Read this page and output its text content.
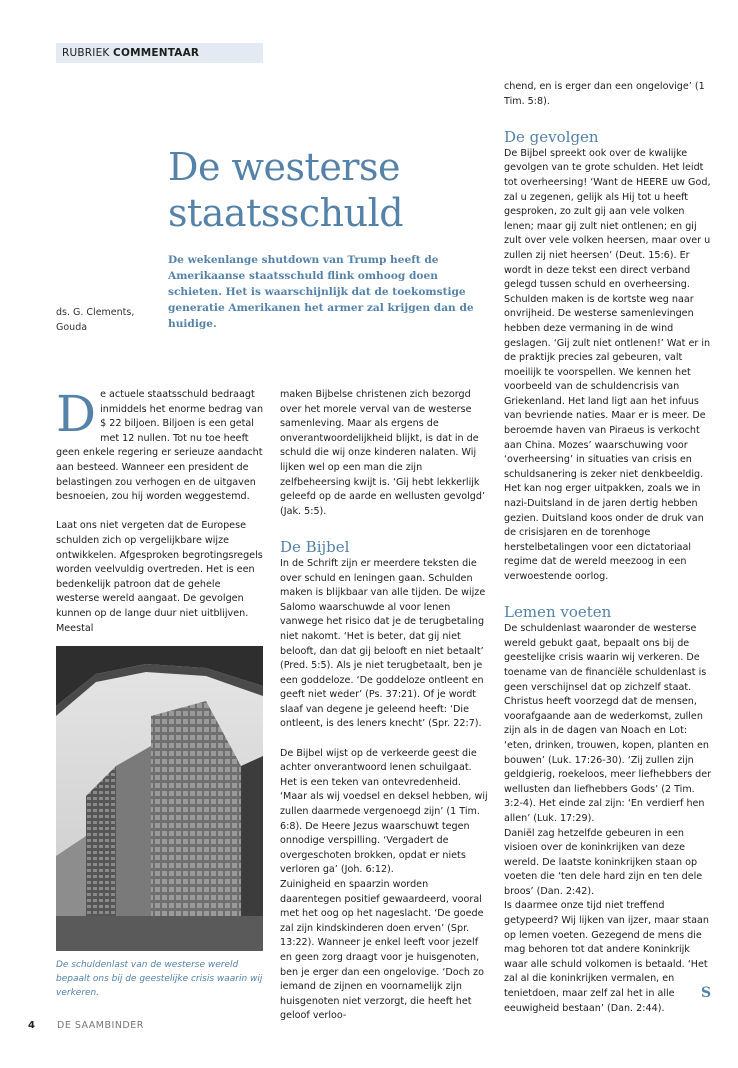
RUBRIEK COMMENTAAR
De westerse
staatsschuld
ds. G. Clements,
Gouda

De wekenlange shutdown van Trump heeft de Amerikaanse staatsschuld flink omhoog doen schieten. Het is waarschijnlijk dat de toekomstige generatie Amerikanen het armer zal krijgen dan de huidige.

D e actuele staatsschuld bedraagt inmiddels het enorme bedrag van $ 22 biljoen. Biljoen is een getal met 12 nullen. Tot nu toe heeft geen enkele regering er serieuze aandacht aan besteed. Wanneer een president de belastingen zou verhogen en de uitgaven besnoeien, zou hij worden weggestemd.

Laat ons niet vergeten dat de Europese schulden zich op vergelijkbare wijze ontwikkelen. Afgesproken begrotingsregels worden veelvuldig overtreden. Het is een bedenkelijk patroon dat de gehele westerse wereld aangaat. De gevolgen kunnen op de lange duur niet uitblijven. Meestal

De schuldenlast van de westerse wereld bepaalt ons bij de geestelijke crisis waarin wij verkeren.

maken Bijbelse christenen zich bezorgd over het morele verval van de westerse samenleving. Maar als ergens de onverantwoordelijkheid blijkt, is dat in de schuld die wij onze kinderen nalaten. Wij lijken wel op een man die zijn zelfbeheersing kwijt is. ‘Gij hebt lekkerlijk geleefd op de aarde en wellusten gevolgd’ (Jak. 5:5).

De Bijbel

In de Schrift zijn er meerdere teksten die over schuld en leningen gaan. Schulden maken is blijkbaar van alle tijden. De wijze Salomo waarschuwde al voor lenen vanwege het risico dat je de terugbetaling niet nakomt. ‘Het is beter, dat gij niet belooft, dan dat gij belooft en niet betaalt’ (Pred. 5:5). Als je niet terugbetaalt, ben je een goddeloze. ‘De goddeloze ontleent en geeft niet weder’ (Ps. 37:21). Of je wordt slaaf van degene je geleend heeft: ‘Die ontleent, is des leners knecht’ (Spr. 22:7).

De Bijbel wijst op de verkeerde geest die achter onverantwoord lenen schuilgaat. Het is een teken van ontevredenheid. ‘Maar als wij voedsel en deksel hebben, wij zullen daarmede vergenoegd zijn’ (1 Tim. 6:8). De Heere Jezus waarschuwt tegen onnodige verspilling. ‘Vergadert de overgeschoten brokken, opdat er niets verloren ga’ (Joh. 6:12).

Zuinigheid en spaarzin worden daarentegen positief gewaardeerd, vooral met het oog op het nageslacht. ‘De goede zal zijn kindskinderen doen erven’ (Spr. 13:22). Wanneer je enkel leeft voor jezelf en geen zorg draagt voor je huisgenoten, ben je erger dan een ongelovige. ‘Doch zo iemand de zijnen en voornamelijk zijn huisgenoten niet verzorgt, die heeft het geloof verloo-

chend, en is erger dan een ongelovige’ (1 Tim. 5:8).

De gevolgen

De Bijbel spreekt ook over de kwalijke gevolgen van te grote schulden. Het leidt tot overheersing! ‘Want de HEERE uw God, zal u zegenen, gelijk als Hij tot u heeft gesproken, zo zult gij aan vele volken lenen; maar gij zult niet ontlenen; en gij zult over vele volken heersen, maar over u zullen zij niet heersen’ (Deut. 15:6). Er wordt in deze tekst een direct verband gelegd tussen schuld en overheersing. Schulden maken is de kortste weg naar onvrijheid. De westerse samenlevingen hebben deze vermaning in de wind geslagen. ‘Gij zult niet ontlenen!’ Wat er in de praktijk precies zal gebeuren, valt moeilijk te voorspellen. We kennen het voorbeeld van de schuldencrisis van Griekenland. Het land ligt aan het infuus van bevriende naties. Maar er is meer. De beroemde haven van Piraeus is verkocht aan China. Mozes’ waarschuwing voor ‘overheersing’ in situaties van crisis en schuldsanering is zeker niet denkbeeldig. Het kan nog erger uitpakken, zoals we in nazi-Duitsland in de jaren dertig hebben gezien. Duitsland koos onder de druk van de crisisjaren en de torenhoge herstelbetalingen voor een dictatoriaal regime dat de wereld meezoog in een verwoestende oorlog.

Lemen voeten

De schuldenlast waaronder de westerse wereld gebukt gaat, bepaalt ons bij de geestelijke crisis waarin wij verkeren. De toename van de financiële schuldenlast is geen verschijnsel dat op zichzelf staat. Christus heeft voorzegd dat de mensen, voorafgaande aan de wederkomst, zullen zijn als in de dagen van Noach en Lot: ‘eten, drinken, trouwen, kopen, planten en bouwen’ (Luk. 17:26-30). ‘Zij zullen zijn geldgierig, roekeloos, meer liefhebbers der wellusten dan liefhebbers Gods’ (2 Tim. 3:2-4). Het einde zal zijn: ‘En verdierf hen allen’ (Luk. 17:29).

Daniël zag hetzelfde gebeuren in een visioen over de koninkrijken van deze wereld. De laatste koninkrijken staan op voeten die ‘ten dele hard zijn en ten dele broos’ (Dan. 2:42).

Is daarmee onze tijd niet treffend getypeerd? Wij lijken van ijzer, maar staan op lemen voeten. Gezegend de mens die mag behoren tot dat andere Koninkrijk waar alle schuld volkomen is betaald. ‘Het zal al die koninkrijken vermalen, en tenietdoen, maar zelf zal het in alle eeuwigheid bestaan’ (Dan. 2:44).

S
4 DE SAAMBINDER
